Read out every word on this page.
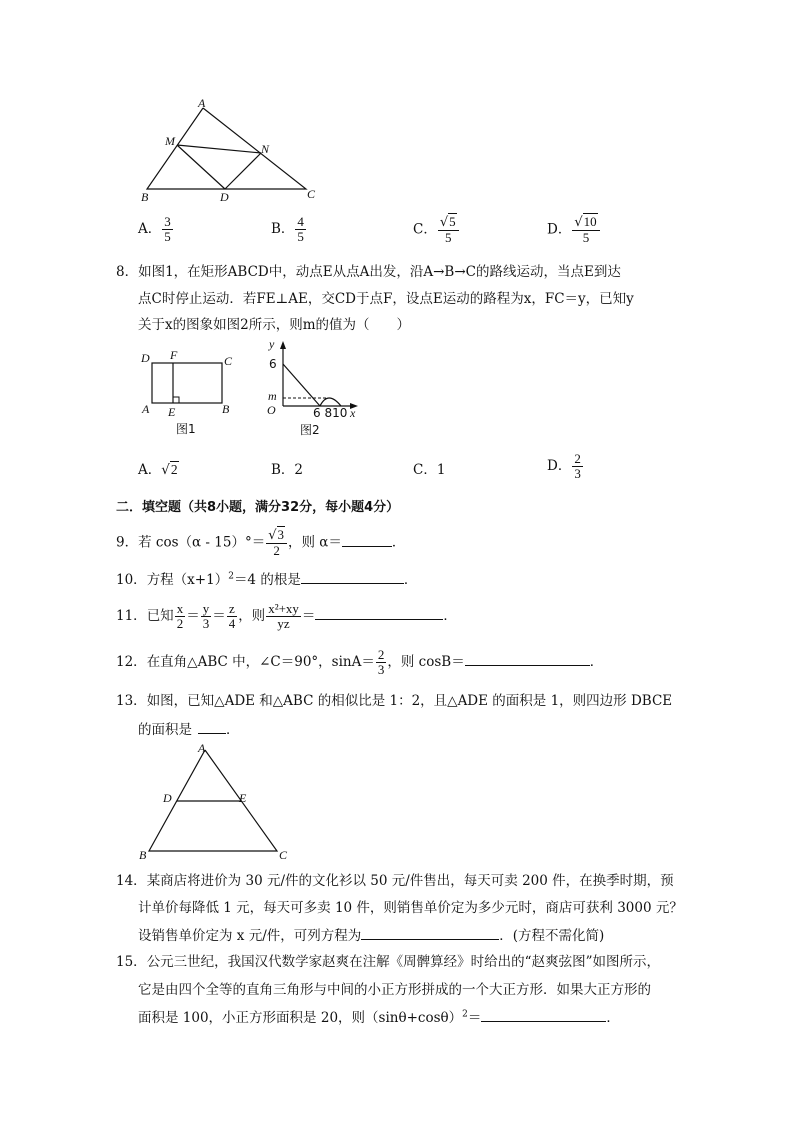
A
M
N
B	D	C
A． $\frac{3}{5}$	B． $\frac{4}{5}$	C． $\frac{√5}{5}$	D． $\frac{√10}{5}$
8．如图1，在矩形ABCD中，动点E从点A出发，沿A→B→C的路线运动，当点E到达
点C时停止运动．若FE⊥AE，交CD于点F，设点E运动的路程为x，FC＝y，已知y
关于x的图象如图2所示，则m的值为（　　）
D F	C
A E	B
图1
y
6
m
O	6 810 x
图2
A．√2	B．2	C．1	D． $\frac{2}{3}$
二．填空题（共8小题，满分32分，每小题4分）
9．若 $\cos(\alpha - 15)^\circ= \frac{√3}{2}$ ，则 α＝	．
10．方程$(x+1)^2=4$ 的根是	．
11．已知 $\frac{x}{2} = \frac{y}{3} = \frac{z}{4}$ ，则 $\frac{\text{x²+xy}}{yz}$ ＝	．
12．在直角△ABC 中，∠C＝90°，$\sin A= \frac{2}{3}$ ，则 cosB＝	．
13．如图，已知△ADE 和△ABC 的相似比是 1：2，且△ADE 的面积是 1，则四边形 DBCE
的面积是	．
A
D	E
B	C
14．某商店将进价为 30 元/件的文化衫以 50 元/件售出，每天可卖 200 件，在换季时期，预
计单价每降低 1 元，每天可多卖 10 件，则销售单价定为多少元时，商店可获利 3000 元？
设销售单价定为 x 元/件，可列方程为	．(方程不需化简)
15．公元三世纪，我国汉代数学家赵爽在注解《周髀算经》时给出的“赵爽弦图”如图所示，
它是由四个全等的直角三角形与中间的小正方形拼成的一个大正方形．如果大正方形的
面积是 100，小正方形面积是 20，则$(\sin\theta+\cos\theta)^2=$	．
